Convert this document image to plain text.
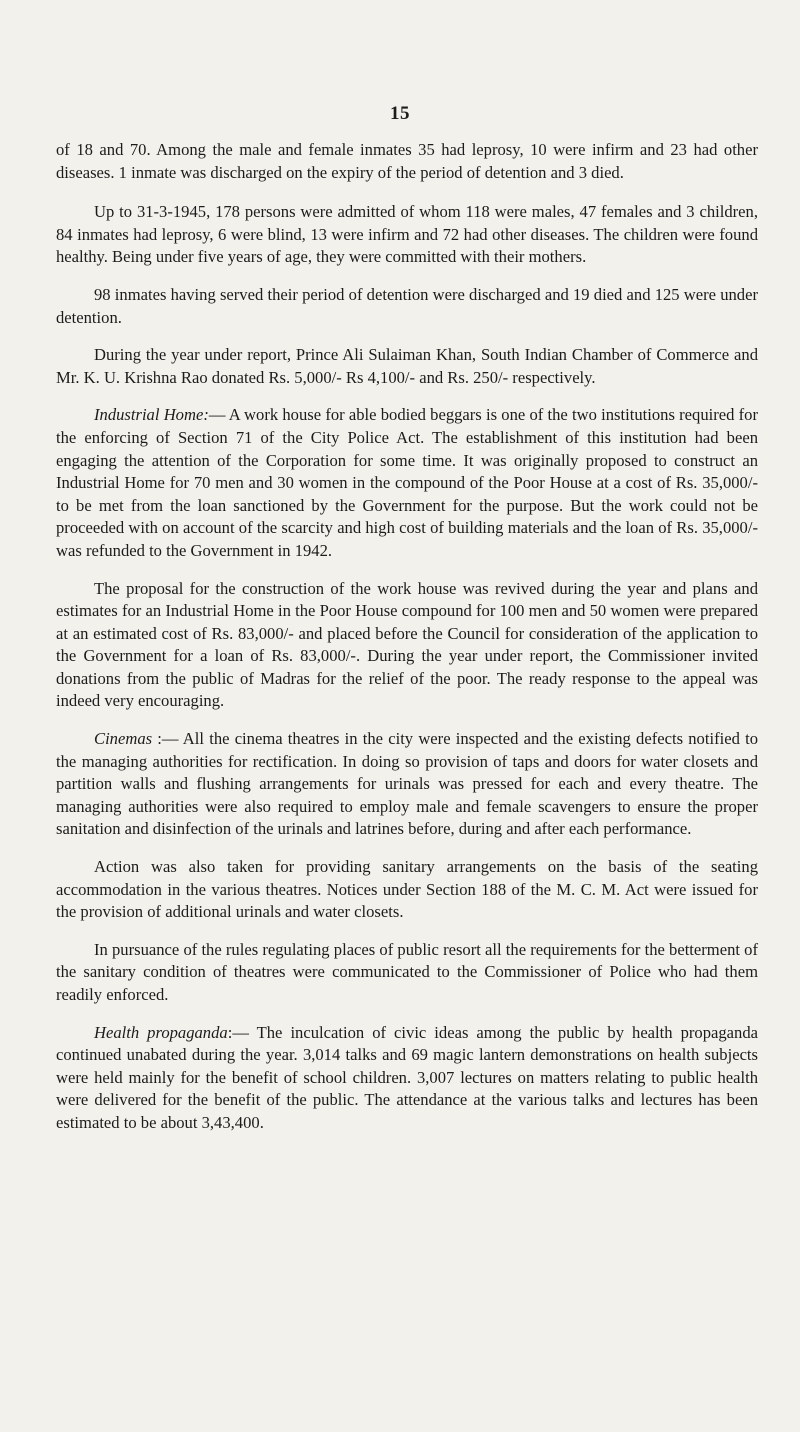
15

of 18 and 70. Among the male and female inmates 35 had leprosy, 10 were infirm and 23 had other diseases. 1 inmate was discharged on the expiry of the period of detention and 3 died.

Up to 31-3-1945, 178 persons were admitted of whom 118 were males, 47 females and 3 children, 84 inmates had leprosy, 6 were blind, 13 were infirm and 72 had other diseases. The children were found healthy. Being under five years of age, they were committed with their mothers.

98 inmates having served their period of detention were discharged and 19 died and 125 were under detention.

During the year under report, Prince Ali Sulaiman Khan, South Indian Chamber of Commerce and Mr. K. U. Krishna Rao donated Rs. 5,000/- Rs 4,100/- and Rs. 250/- respectively.

Industrial Home:— A work house for able bodied beggars is one of the two institutions required for the enforcing of Section 71 of the City Police Act. The establishment of this institution had been engaging the attention of the Corporation for some time. It was originally proposed to construct an Industrial Home for 70 men and 30 women in the compound of the Poor House at a cost of Rs. 35,000/- to be met from the loan sanctioned by the Government for the purpose. But the work could not be proceeded with on account of the scarcity and high cost of building materials and the loan of Rs. 35,000/- was refunded to the Government in 1942.

The proposal for the construction of the work house was revived during the year and plans and estimates for an Industrial Home in the Poor House compound for 100 men and 50 women were prepared at an estimated cost of Rs. 83,000/- and placed before the Council for consideration of the application to the Government for a loan of Rs. 83,000/-. During the year under report, the Commissioner invited donations from the public of Madras for the relief of the poor. The ready response to the appeal was indeed very encouraging.

Cinemas :— All the cinema theatres in the city were inspected and the existing defects notified to the managing authorities for rectification. In doing so provision of taps and doors for water closets and partition walls and flushing arrangements for urinals was pressed for each and every theatre. The managing authorities were also required to employ male and female scavengers to ensure the proper sanitation and disinfection of the urinals and latrines before, during and after each performance.

Action was also taken for providing sanitary arrangements on the basis of the seating accommodation in the various theatres. Notices under Section 188 of the M. C. M. Act were issued for the provision of additional urinals and water closets.

In pursuance of the rules regulating places of public resort all the requirements for the betterment of the sanitary condition of theatres were communicated to the Commissioner of Police who had them readily enforced.

Health propaganda:— The inculcation of civic ideas among the public by health propaganda continued unabated during the year. 3,014 talks and 69 magic lantern demonstrations on health subjects were held mainly for the benefit of school children. 3,007 lectures on matters relating to public health were delivered for the benefit of the public. The attendance at the various talks and lectures has been estimated to be about 3,43,400.
